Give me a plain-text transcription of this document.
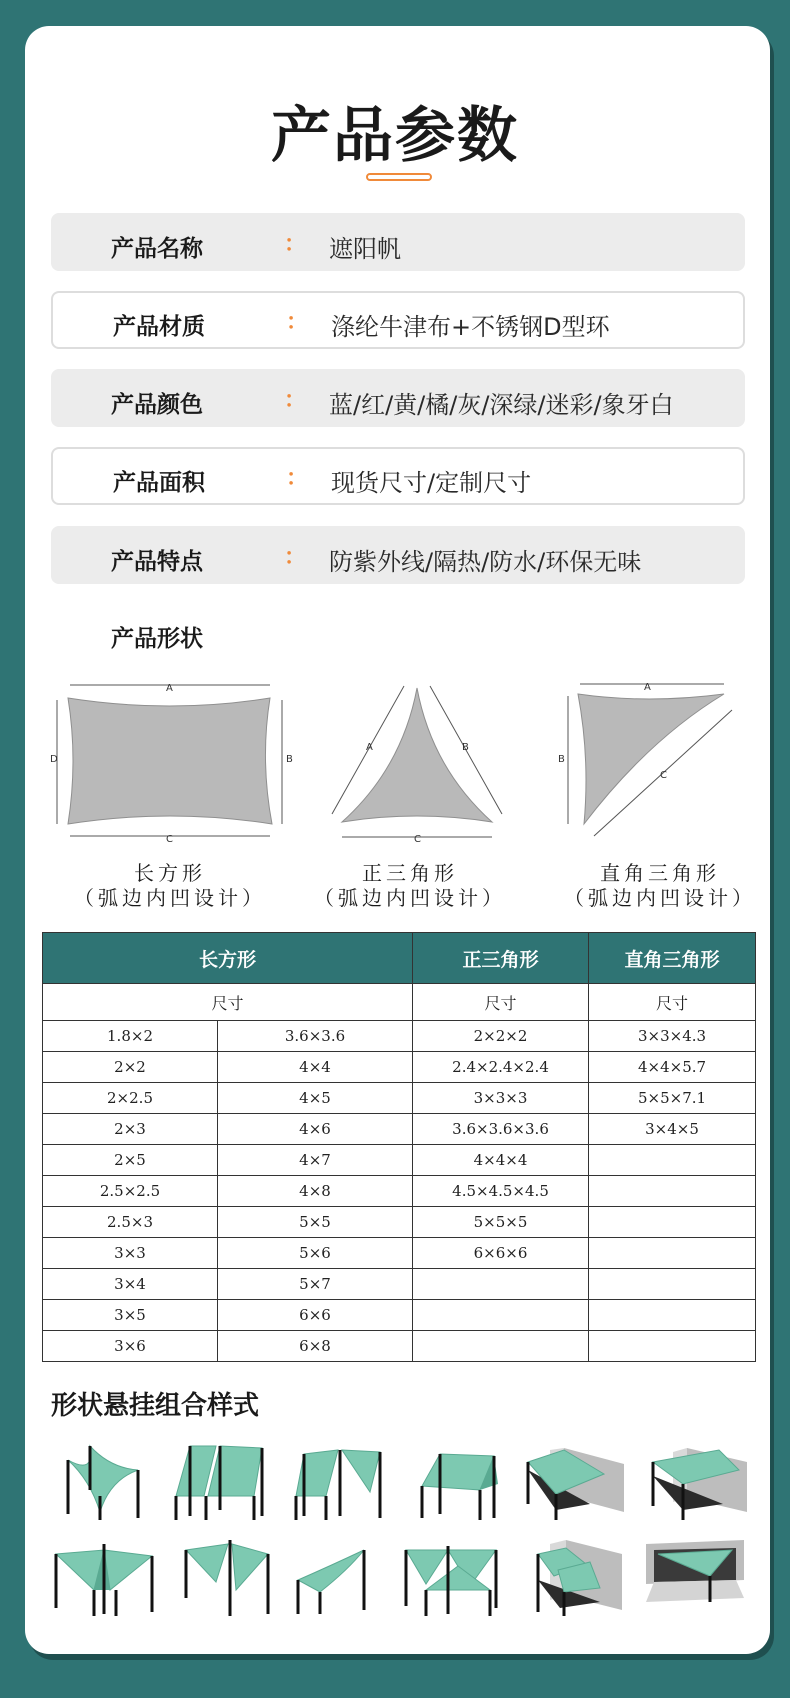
产品参数
产品名称	： 遮阳帆
产品材质	： 涤纶牛津布+不锈钢D型环
产品颜色	： 蓝/红/黄/橘/灰/深绿/迷彩/象牙白
产品面积	： 现货尺寸/定制尺寸
产品特点	： 防紫外线/隔热/防水/环保无味
产品形状
A
B
C
D
A	B
C
A
B
C
长方形
（弧边内凹设计）
正三角形
（弧边内凹设计）
直角三角形
（弧边内凹设计）
长方形		正三角形	直角三角形
尺寸		尺寸	尺寸
1.8×2	3.6×3.6	2×2×2	3×3×4.3
2×2	4×4	2.4×2.4×2.4	4×4×5.7
2×2.5	4×5	3×3×3	5×5×7.1
2×3	4×6	3.6×3.6×3.6	3×4×5
2×5	4×7	4×4×4	
2.5×2.5	4×8	4.5×4.5×4.5	
2.5×3	5×5	5×5×5	
3×3	5×6	6×6×6	
3×4	5×7		
3×5	6×6		
3×6	6×8		
形状悬挂组合样式
